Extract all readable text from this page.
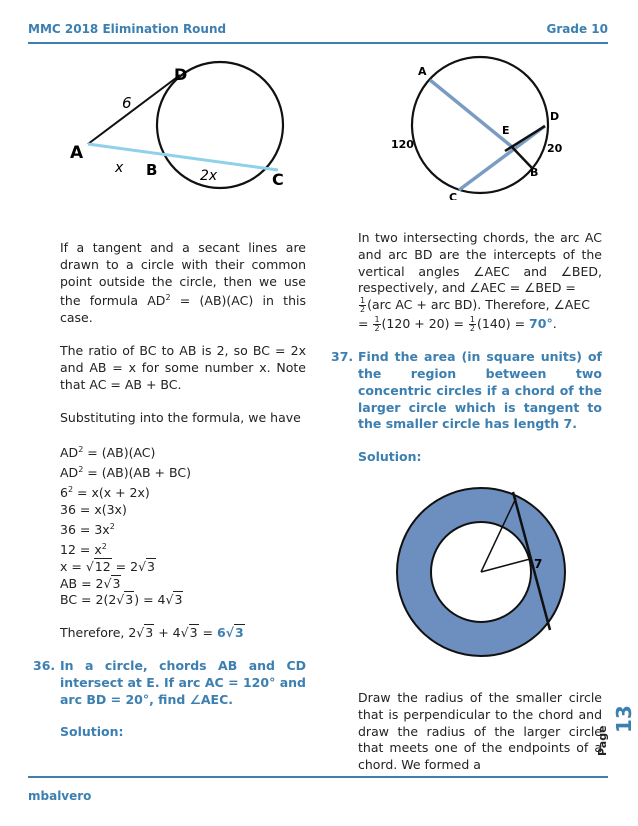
MMC 2018 Elimination Round	Grade 10
A
B	C
D
6
x	2x
A
C
D
B
E
120	20

If a tangent and a secant lines are drawn to a circle with their common point outside the circle, then we use the formula $AD^2 = (AB)(AC)$ in this case.

The ratio of BC to AB is 2, so BC = 2x and AB = x for some number x. Note that AC = AB + BC.

Substituting into the formula, we have

$AD^2 = (AB)(AC)$
$AD^2 = (AB)(AB + BC)$
$6^2 = x(x + 2x)$
36 = x(3x)
$36 = 3x^2$
$12 = x^2$
x = √12 = 2√3
AB = 2√3
BC = 2(2√3) = 4√3
Therefore, 2√3 + 4√3 = 6√3
36. In a circle, chords AB and CD intersect at E. If arc AC = 120° and arc BD = 20°, find ∠AEC.
Solution:

In two intersecting chords, the arc AC and arc BD are the intercepts of the vertical angles ∠AEC and ∠BED, respectively, and ∠AEC = ∠BED =

$\frac{1}{2} (arc$ AC + arc BD). Therefore, ∠AEC

= $\frac{1}{2} (120 + 20) = \frac{1}{2} (140) = 70^\circ$.
37. Find the area (in square units) of the region between two concentric circles if a chord of the larger circle which is tangent to the smaller circle has length 7.
Solution:
7

Draw the radius of the smaller circle that is perpendicular to the chord and draw the radius of the larger circle that meets one of the endpoints of a chord. We formed a

Page
13
mbalvero
